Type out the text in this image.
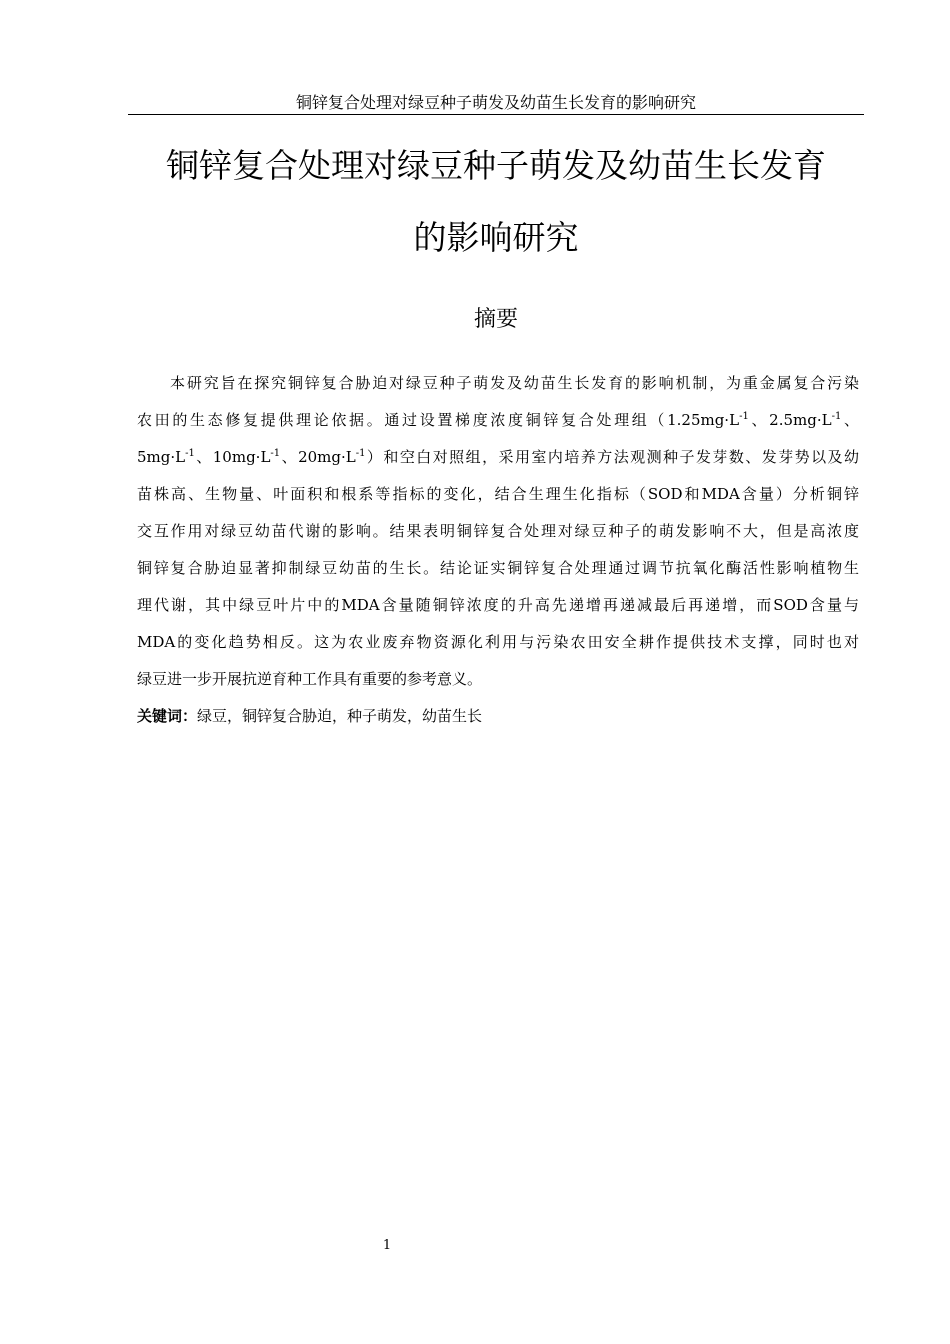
铜锌复合处理对绿豆种子萌发及幼苗生长发育的影响研究
铜锌复合处理对绿豆种子萌发及幼苗生长发育
的影响研究
摘要
本研究旨在探究铜锌复合胁迫对绿豆种子萌发及幼苗生长发育的影响机制，为重金属复合污染
农田的生态修复提供理论依据。通过设置梯度浓度铜锌复合处理组（$1.25mg\cdot L^{-1}$、$2.5mg\cdot L^{-1}$、
$5mg\cdot L^{-1}$、$10mg\cdot L^{-1}$、$20mg\cdot L^{-1}$）和空白对照组，采用室内培养方法观测种子发芽数、发芽势以及幼
苗株高、生物量、叶面积和根系等指标的变化，结合生理生化指标（SOD和MDA含量）分析铜锌
交互作用对绿豆幼苗代谢的影响。结果表明铜锌复合处理对绿豆种子的萌发影响不大，但是高浓度
铜锌复合胁迫显著抑制绿豆幼苗的生长。结论证实铜锌复合处理通过调节抗氧化酶活性影响植物生
理代谢，其中绿豆叶片中的MDA含量随铜锌浓度的升高先递增再递减最后再递增，而SOD含量与
MDA的变化趋势相反。这为农业废弃物资源化利用与污染农田安全耕作提供技术支撑，同时也对
绿豆进一步开展抗逆育种工作具有重要的参考意义。
关键词：绿豆，铜锌复合胁迫，种子萌发，幼苗生长
1
